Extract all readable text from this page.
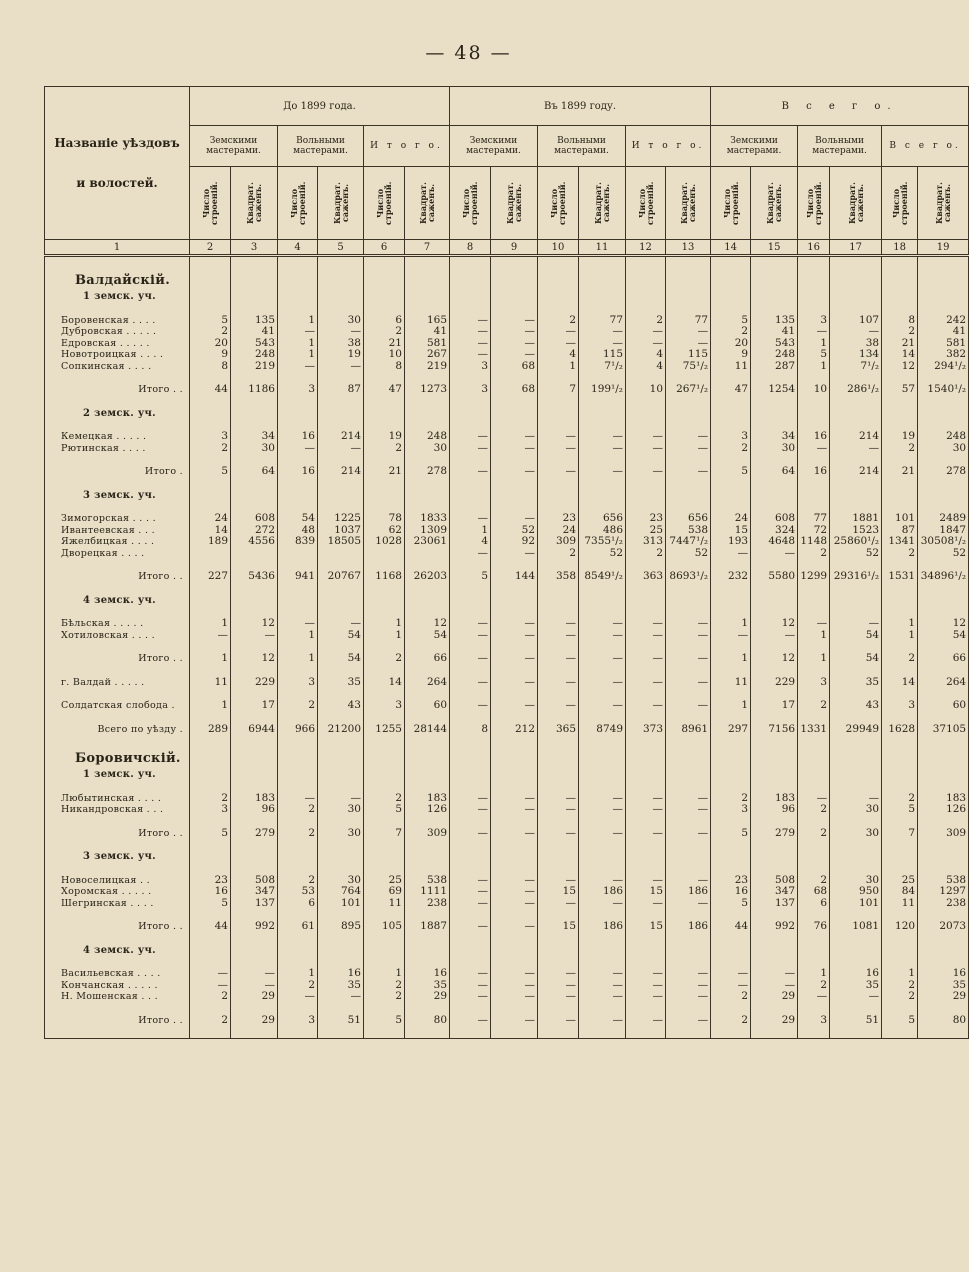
— 48 —
Названіе уѣздовъ
и волостей.	До 1899 года.						Въ 1899 году.						В с е г о.					
	Земскими мастерами.		Вольными мастерами.		И т о г о.		Земскими мастерами.		Вольными мастерами.		И т о г о.		Земскими мастерами.		Вольными мастерами.		В с е г о.	
	Число строеній.	Квадрат. саженъ.	Число строеній.	Квадрат. саженъ.	Число строеній.	Квадрат. саженъ.	Число строеній.	Квадрат. саженъ.	Число строеній.	Квадрат. саженъ.	Число строеній.	Квадрат. саженъ.	Число строеній.	Квадрат. саженъ.	Число строеній.	Квадрат. саженъ.	Число строеній.	Квадрат. саженъ.
1	2	3	4	5	6	7	8	9	10	11	12	13	14	15	16	17	18	19

Валдайскій.																		
1 земск. уч.																		

Боровенская . . . .	5	135	1	30	6	165	—	—	2	77	2	77	5	135	3	107	8	242
Дубровская . . . . .	2	41	—	—	2	41	—	—	—	—	—	—	2	41	—	—	2	41
Едровская . . . . .	20	543	1	38	21	581	—	—	—	—	—	—	20	543	1	38	21	581
Новотроицкая . . . .	9	248	1	19	10	267	—	—	4	115	4	115	9	248	5	134	14	382
Сопкинская . . . .	8	219	—	—	8	219	3	68	1	7¹/₂	4	75¹/₂	11	287	1	7¹/₂	12	294¹/₂

Итого . .	44	1186	3	87	47	1273	3	68	7	199¹/₂	10	267¹/₂	47	1254	10	286¹/₂	57	1540¹/₂

2 земск. уч.																		

Кемецкая . . . . .	3	34	16	214	19	248	—	—	—	—	—	—	3	34	16	214	19	248
Рютинская . . . .	2	30	—	—	2	30	—	—	—	—	—	—	2	30	—	—	2	30

Итого .	5	64	16	214	21	278	—	—	—	—	—	—	5	64	16	214	21	278

3 земск. уч.																		

Зимогорская . . . .	24	608	54	1225	78	1833	—	—	23	656	23	656	24	608	77	1881	101	2489
Ивантеевская . . .	14	272	48	1037	62	1309	1	52	24	486	25	538	15	324	72	1523	87	1847
Яжелбицкая . . . .	189	4556	839	18505	1028	23061	4	92	309	7355¹/₂	313	7447¹/₂	193	4648	1148	25860¹/₂	1341	30508¹/₂
Дворецкая . . . .							—	—	2	52	2	52	—	—	2	52	2	52

Итого . .	227	5436	941	20767	1168	26203	5	144	358	8549¹/₂	363	8693¹/₂	232	5580	1299	29316¹/₂	1531	34896¹/₂

4 земск. уч.																		

Бѣльская . . . . .	1	12	—	—	1	12	—	—	—	—	—	—	1	12	—	—	1	12
Хотиловская . . . .	—	—	1	54	1	54	—	—	—	—	—	—	—	—	1	54	1	54

Итого . .	1	12	1	54	2	66	—	—	—	—	—	—	1	12	1	54	2	66

г. Валдай . . . . .	11	229	3	35	14	264	—	—	—	—	—	—	11	229	3	35	14	264

Солдатская слобода .	1	17	2	43	3	60	—	—	—	—	—	—	1	17	2	43	3	60

Всего по уѣзду .	289	6944	966	21200	1255	28144	8	212	365	8749	373	8961	297	7156	1331	29949	1628	37105

Боровичскій.																		
1 земск. уч.																		

Любытинская . . . .	2	183	—	—	2	183	—	—	—	—	—	—	2	183	—	—	2	183
Никандровская . . .	3	96	2	30	5	126	—	—	—	—	—	—	3	96	2	30	5	126

Итого . .	5	279	2	30	7	309	—	—	—	—	—	—	5	279	2	30	7	309

3 земск. уч.																		

Новоселицкая . .	23	508	2	30	25	538	—	—	—	—	—	—	23	508	2	30	25	538
Хоромская . . . . .	16	347	53	764	69	1111	—	—	15	186	15	186	16	347	68	950	84	1297
Шегринская . . . .	5	137	6	101	11	238	—	—	—	—	—	—	5	137	6	101	11	238

Итого . .	44	992	61	895	105	1887	—	—	15	186	15	186	44	992	76	1081	120	2073

4 земск. уч.																		

Васильевская . . . .	—	—	1	16	1	16	—	—	—	—	—	—	—	—	1	16	1	16
Кончанская . . . . .	—	—	2	35	2	35	—	—	—	—	—	—	—	—	2	35	2	35
Н. Мошенская . . .	2	29	—	—	2	29	—	—	—	—	—	—	2	29	—	—	2	29

Итого . .	2	29	3	51	5	80	—	—	—	—	—	—	2	29	3	51	5	80
